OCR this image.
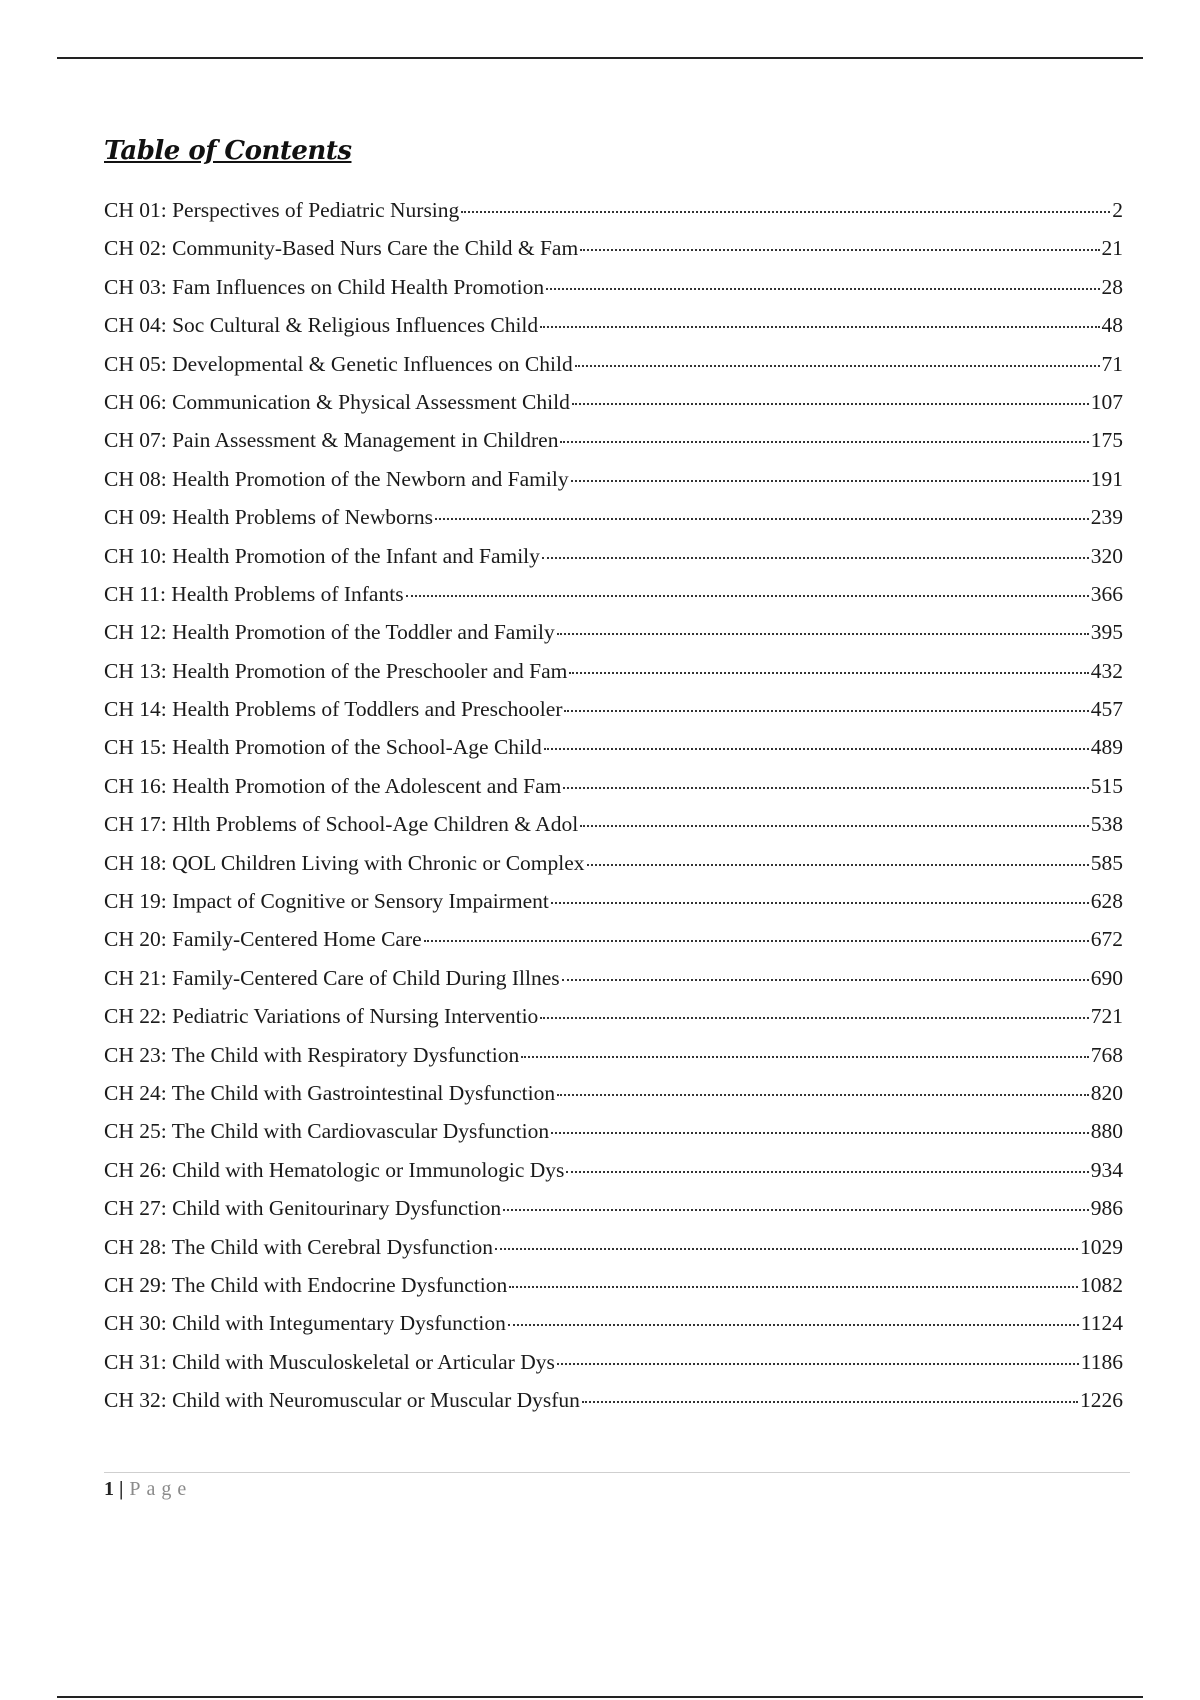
Table of Contents
CH 01: Perspectives of Pediatric Nursing	2
CH 02: Community-Based Nurs Care the Child & Fam	21
CH 03: Fam Influences on Child Health Promotion	28
CH 04: Soc Cultural & Religious Influences Child	48
CH 05: Developmental & Genetic Influences on Child	71
CH 06: Communication & Physical Assessment Child	107
CH 07: Pain Assessment & Management in Children	175
CH 08: Health Promotion of the Newborn and Family	191
CH 09: Health Problems of Newborns	239
CH 10: Health Promotion of the Infant and Family	320
CH 11: Health Problems of Infants	366
CH 12: Health Promotion of the Toddler and Family	395
CH 13: Health Promotion of the Preschooler and Fam	432
CH 14: Health Problems of Toddlers and Preschooler	457
CH 15: Health Promotion of the School-Age Child	489
CH 16: Health Promotion of the Adolescent and Fam	515
CH 17: Hlth Problems of School-Age Children & Adol	538
CH 18: QOL Children Living with Chronic or Complex	585
CH 19: Impact of Cognitive or Sensory Impairment	628
CH 20: Family-Centered Home Care	672
CH 21: Family-Centered Care of Child During Illnes	690
CH 22: Pediatric Variations of Nursing Interventio	721
CH 23: The Child with Respiratory Dysfunction	768
CH 24: The Child with Gastrointestinal Dysfunction	820
CH 25: The Child with Cardiovascular Dysfunction	880
CH 26: Child with Hematologic or Immunologic Dys	934
CH 27: Child with Genitourinary Dysfunction	986
CH 28: The Child with Cerebral Dysfunction	1029
CH 29: The Child with Endocrine Dysfunction	1082
CH 30: Child with Integumentary Dysfunction	1124
CH 31: Child with Musculoskeletal or Articular Dys	1186
CH 32: Child with Neuromuscular or Muscular Dysfun	1226
1 | Page
